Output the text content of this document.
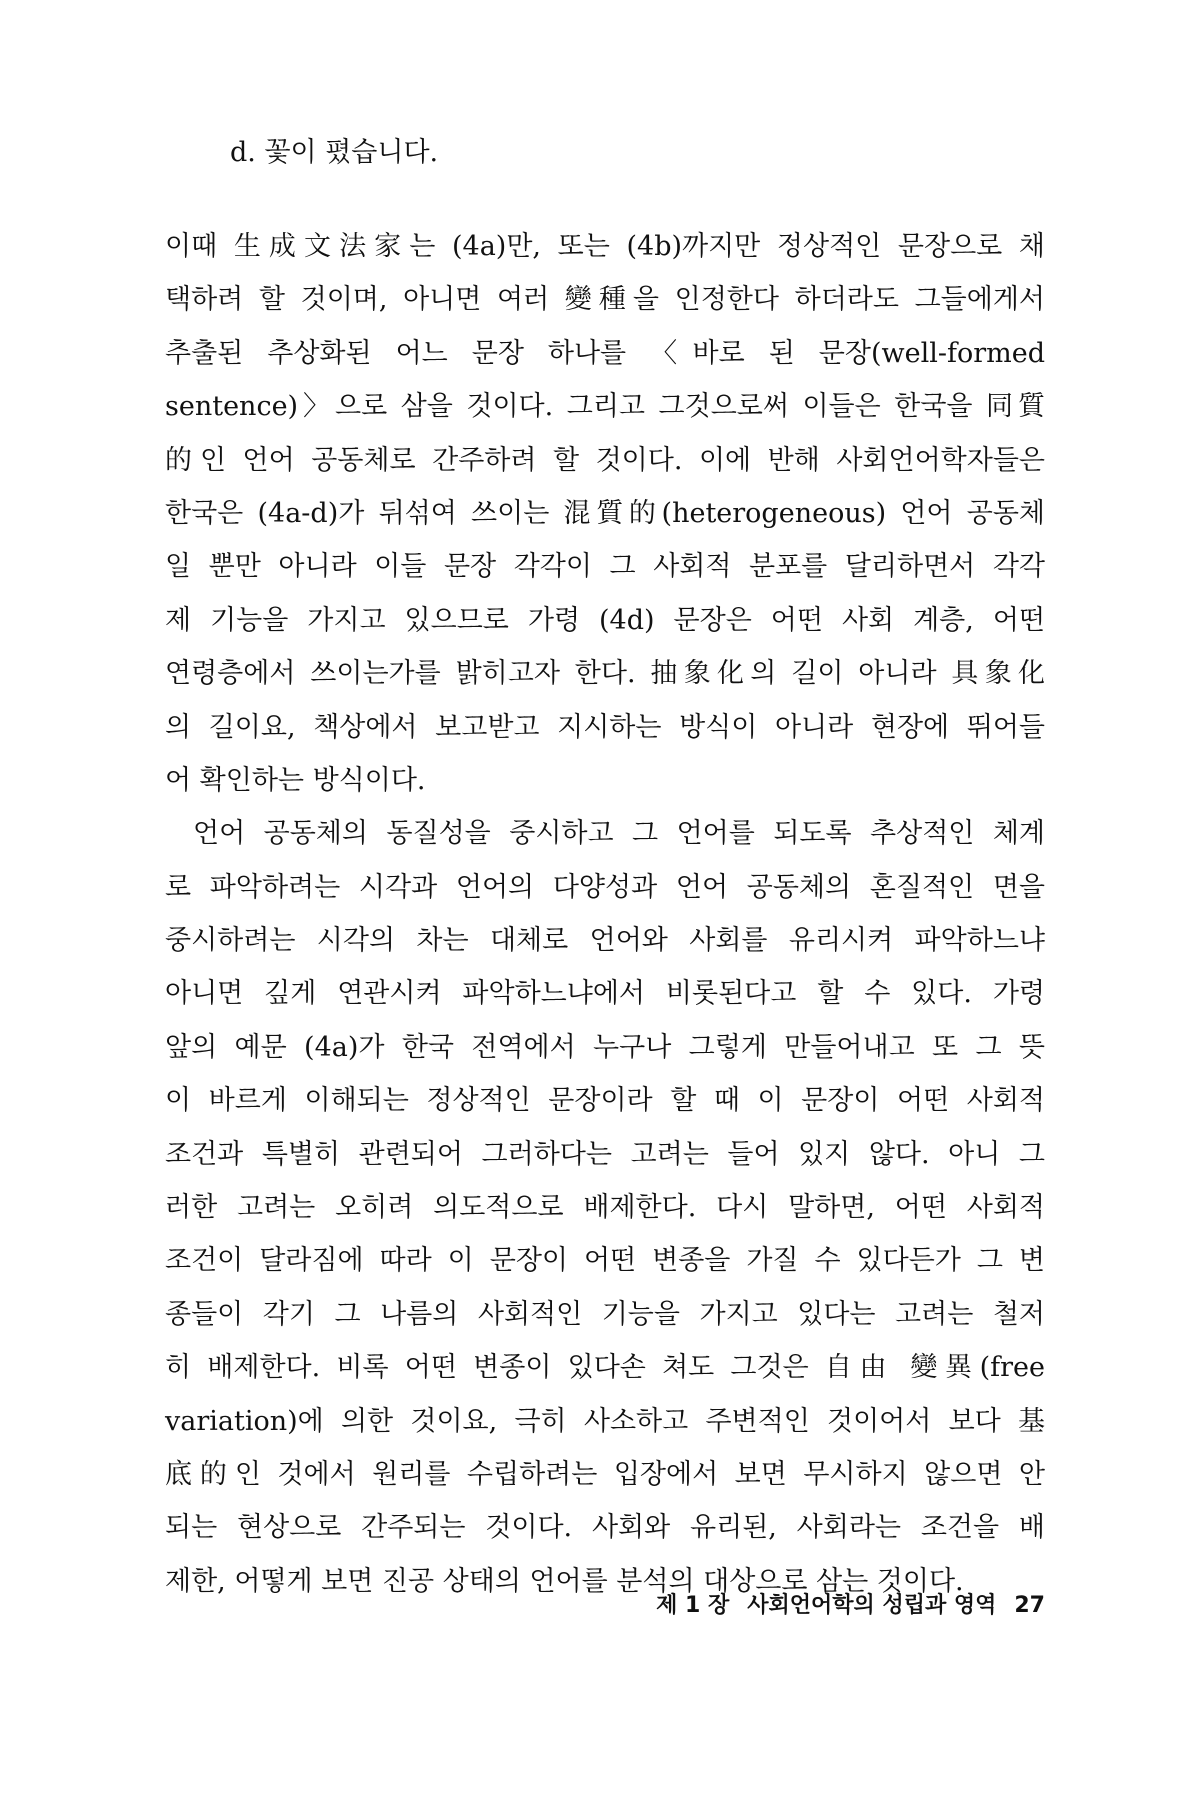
d. 꽃이 폈습니다.
이때 生成文法家는 (4a)만, 또는 (4b)까지만 정상적인 문장으로 채
택하려 할 것이며, 아니면 여러 變種을 인정한다 하더라도 그들에게서
추출된 추상화된 어느 문장 하나를 〈바로 된 문장(well-formed
sentence)〉으로 삼을 것이다. 그리고 그것으로써 이들은 한국을 同質
的인 언어 공동체로 간주하려 할 것이다. 이에 반해 사회언어학자들은
한국은 (4a-d)가 뒤섞여 쓰이는 混質的(heterogeneous) 언어 공동체
일 뿐만 아니라 이들 문장 각각이 그 사회적 분포를 달리하면서 각각
제 기능을 가지고 있으므로 가령 (4d) 문장은 어떤 사회 계층, 어떤
연령층에서 쓰이는가를 밝히고자 한다. 抽象化의 길이 아니라 具象化
의 길이요, 책상에서 보고받고 지시하는 방식이 아니라 현장에 뛰어들
어 확인하는 방식이다.
언어 공동체의 동질성을 중시하고 그 언어를 되도록 추상적인 체계
로 파악하려는 시각과 언어의 다양성과 언어 공동체의 혼질적인 면을
중시하려는 시각의 차는 대체로 언어와 사회를 유리시켜 파악하느냐
아니면 깊게 연관시켜 파악하느냐에서 비롯된다고 할 수 있다. 가령
앞의 예문 (4a)가 한국 전역에서 누구나 그렇게 만들어내고 또 그 뜻
이 바르게 이해되는 정상적인 문장이라 할 때 이 문장이 어떤 사회적
조건과 특별히 관련되어 그러하다는 고려는 들어 있지 않다. 아니 그
러한 고려는 오히려 의도적으로 배제한다. 다시 말하면, 어떤 사회적
조건이 달라짐에 따라 이 문장이 어떤 변종을 가질 수 있다든가 그 변
종들이 각기 그 나름의 사회적인 기능을 가지고 있다는 고려는 철저
히 배제한다. 비록 어떤 변종이 있다손 쳐도 그것은 自由 變異(free
variation)에 의한 것이요, 극히 사소하고 주변적인 것이어서 보다 基
底的인 것에서 원리를 수립하려는 입장에서 보면 무시하지 않으면 안
되는 현상으로 간주되는 것이다. 사회와 유리된, 사회라는 조건을 배
제한, 어떻게 보면 진공 상태의 언어를 분석의 대상으로 삼는 것이다.
제 1 장 사회언어학의 성립과 영역 27
